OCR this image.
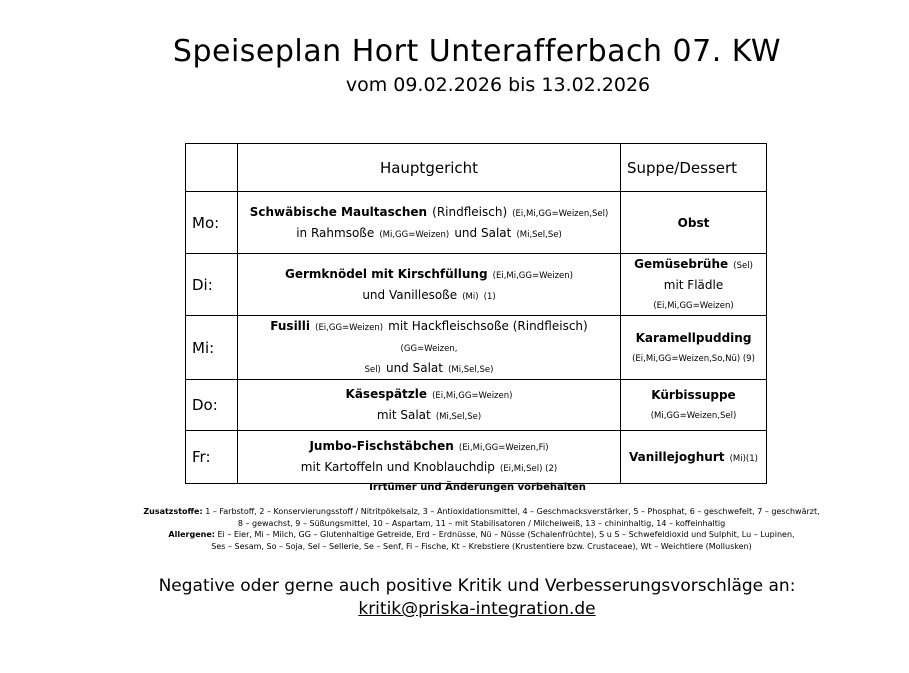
Speiseplan Hort Unterafferbach 07. KW
vom 09.02.2026 bis 13.02.2026
	Hauptgericht	Suppe/Dessert
Mo:	Schwäbische Maultaschen (Rindfleisch) (Ei,Mi,GG=Weizen,Sel)
in Rahmsoße (Mi,GG=Weizen) und Salat (Mi,Sel,Se)	Obst
Di:	Germknödel mit Kirschfüllung (Ei,Mi,GG=Weizen)
und Vanillesoße (Mi) (1)	Gemüsebrühe (Sel)
mit Flädle
(Ei,Mi,GG=Weizen)
Mi:	Fusilli (Ei,GG=Weizen) mit Hackfleischsoße (Rindfleisch) (GG=Weizen,
Sel) und Salat (Mi,Sel,Se)	Karamellpudding
(Ei,Mi,GG=Weizen,So,Nü) (9)
Do:	Käsespätzle (Ei,Mi,GG=Weizen)
mit Salat (Mi,Sel,Se)	Kürbissuppe
(Mi,GG=Weizen,Sel)
Fr:	Jumbo-Fischstäbchen (Ei,Mi,GG=Weizen,Fi)
mit Kartoffeln und Knoblauchdip (Ei,Mi,Sel) (2)	Vanillejoghurt (Mi)(1)
Irrtümer und Änderungen vorbehalten
Zusatzstoffe: 1 – Farbstoff, 2 – Konservierungsstoff / Nitritpökelsalz, 3 – Antioxidationsmittel, 4 – Geschmacksverstärker, 5 – Phosphat, 6 – geschwefelt, 7 – geschwärzt,
8 – gewachst, 9 – Süßungsmittel, 10 – Aspartam, 11 – mit Stabilisatoren / Milcheiweiß, 13 – chininhaltig, 14 – koffeinhaltig
Allergene: Ei – Eier, Mi – Milch, GG – Glutenhaltige Getreide, Erd – Erdnüsse, Nü – Nüsse (Schalenfrüchte), S u S – Schwefeldioxid und Sulphit, Lu – Lupinen,
Ses – Sesam, So – Soja, Sel – Sellerie, Se – Senf, Fi – Fische, Kt – Krebstiere (Krustentiere bzw. Crustaceae), Wt – Weichtiere (Mollusken)
Negative oder gerne auch positive Kritik und Verbesserungsvorschläge an:
kritik@priska-integration.de
